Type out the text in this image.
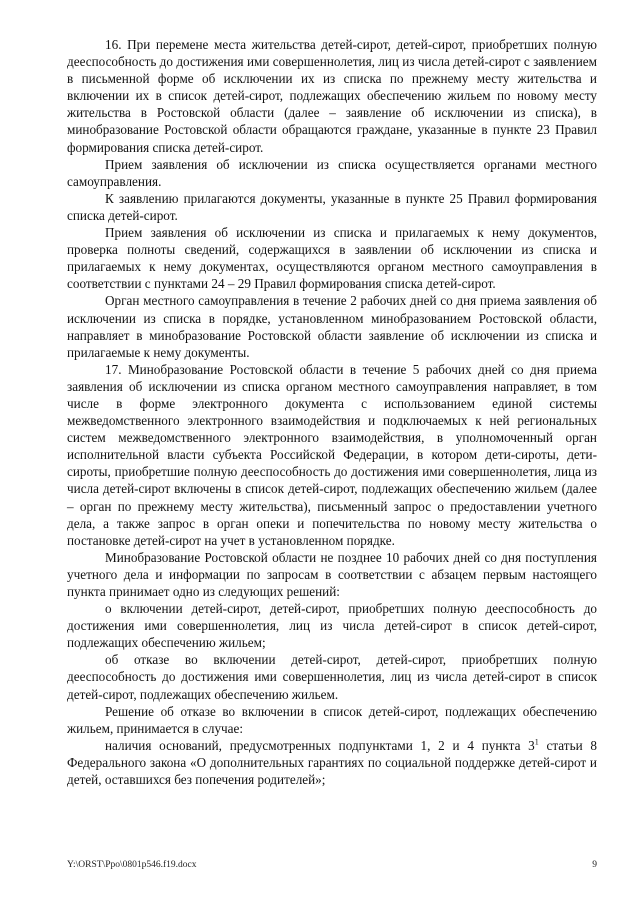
16. При перемене места жительства детей-сирот, детей-сирот, приобретших полную дееспособность до достижения ими совершеннолетия, лиц из числа детей-сирот с заявлением в письменной форме об исключении их из списка по прежнему месту жительства и включении их в список детей-сирот, подлежащих обеспечению жильем по новому месту жительства в Ростовской области (далее – заявление об исключении из списка), в минобразование Ростовской области обращаются граждане, указанные в пункте 23 Правил формирования списка детей-сирот.

Прием заявления об исключении из списка осуществляется органами местного самоуправления.

К заявлению прилагаются документы, указанные в пункте 25 Правил формирования списка детей-сирот.

Прием заявления об исключении из списка и прилагаемых к нему документов, проверка полноты сведений, содержащихся в заявлении об исключении из списка и прилагаемых к нему документах, осуществляются органом местного самоуправления в соответствии с пунктами 24 – 29 Правил формирования списка детей-сирот.

Орган местного самоуправления в течение 2 рабочих дней со дня приема заявления об исключении из списка в порядке, установленном минобразованием Ростовской области, направляет в минобразование Ростовской области заявление об исключении из списка и прилагаемые к нему документы.

17. Минобразование Ростовской области в течение 5 рабочих дней со дня приема заявления об исключении из списка органом местного самоуправления направляет, в том числе в форме электронного документа с использованием единой системы межведомственного электронного взаимодействия и подключаемых к ней региональных систем межведомственного электронного взаимодействия, в уполномоченный орган исполнительной власти субъекта Российской Федерации, в котором дети-сироты, дети-сироты, приобретшие полную дееспособность до достижения ими совершеннолетия, лица из числа детей-сирот включены в список детей-сирот, подлежащих обеспечению жильем (далее – орган по прежнему месту жительства), письменный запрос о предоставлении учетного дела, а также запрос в орган опеки и попечительства по новому месту жительства о постановке детей-сирот на учет в установленном порядке.

Минобразование Ростовской области не позднее 10 рабочих дней со дня поступления учетного дела и информации по запросам в соответствии с абзацем первым настоящего пункта принимает одно из следующих решений:

о включении детей-сирот, детей-сирот, приобретших полную дееспособность до достижения ими совершеннолетия, лиц из числа детей-сирот в список детей-сирот, подлежащих обеспечению жильем;

об отказе во включении детей-сирот, детей-сирот, приобретших полную дееспособность до достижения ими совершеннолетия, лиц из числа детей-сирот в список детей-сирот, подлежащих обеспечению жильем.

Решение об отказе во включении в список детей-сирот, подлежащих обеспечению жильем, принимается в случае:

наличия оснований, предусмотренных подпунктами 1, 2 и 4 пункта $3^1$ статьи 8 Федерального закона «О дополнительных гарантиях по социальной поддержке детей-сирот и детей, оставшихся без попечения родителей»;

Y:\ORST\Ppo\0801p546.f19.docx	9
